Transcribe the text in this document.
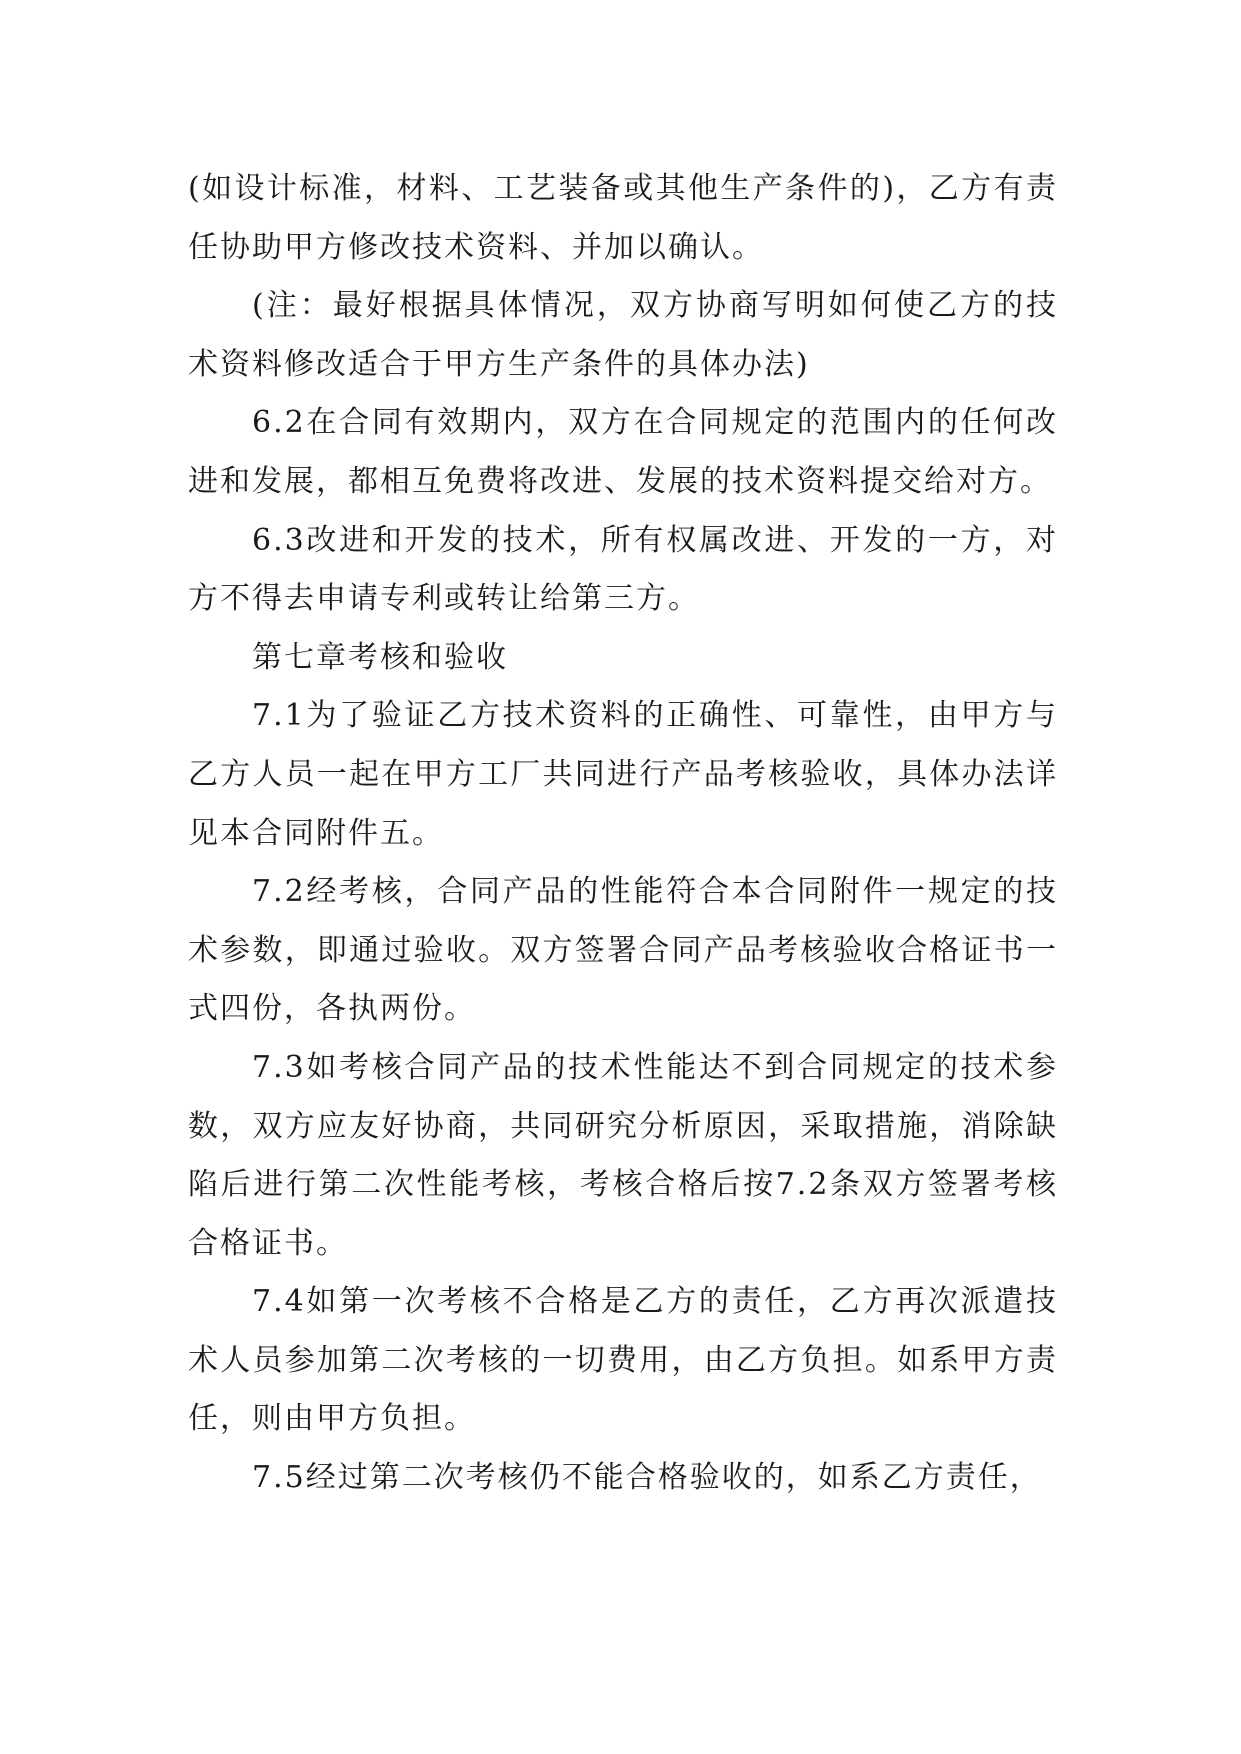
(如设计标准，材料、工艺装备或其他生产条件的)，乙方有责任协助甲方修改技术资料、并加以确认。

(注：最好根据具体情况，双方协商写明如何使乙方的技术资料修改适合于甲方生产条件的具体办法)

6.2在合同有效期内，双方在合同规定的范围内的任何改进和发展，都相互免费将改进、发展的技术资料提交给对方。

6.3改进和开发的技术，所有权属改进、开发的一方，对方不得去申请专利或转让给第三方。

第七章考核和验收

7.1为了验证乙方技术资料的正确性、可靠性，由甲方与乙方人员一起在甲方工厂共同进行产品考核验收，具体办法详见本合同附件五。

7.2经考核，合同产品的性能符合本合同附件一规定的技术参数，即通过验收。双方签署合同产品考核验收合格证书一式四份，各执两份。

7.3如考核合同产品的技术性能达不到合同规定的技术参数，双方应友好协商，共同研究分析原因，采取措施，消除缺陷后进行第二次性能考核，考核合格后按7.2条双方签署考核合格证书。

7.4如第一次考核不合格是乙方的责任，乙方再次派遣技术人员参加第二次考核的一切费用，由乙方负担。如系甲方责任，则由甲方负担。

7.5经过第二次考核仍不能合格验收的，如系乙方责任，
